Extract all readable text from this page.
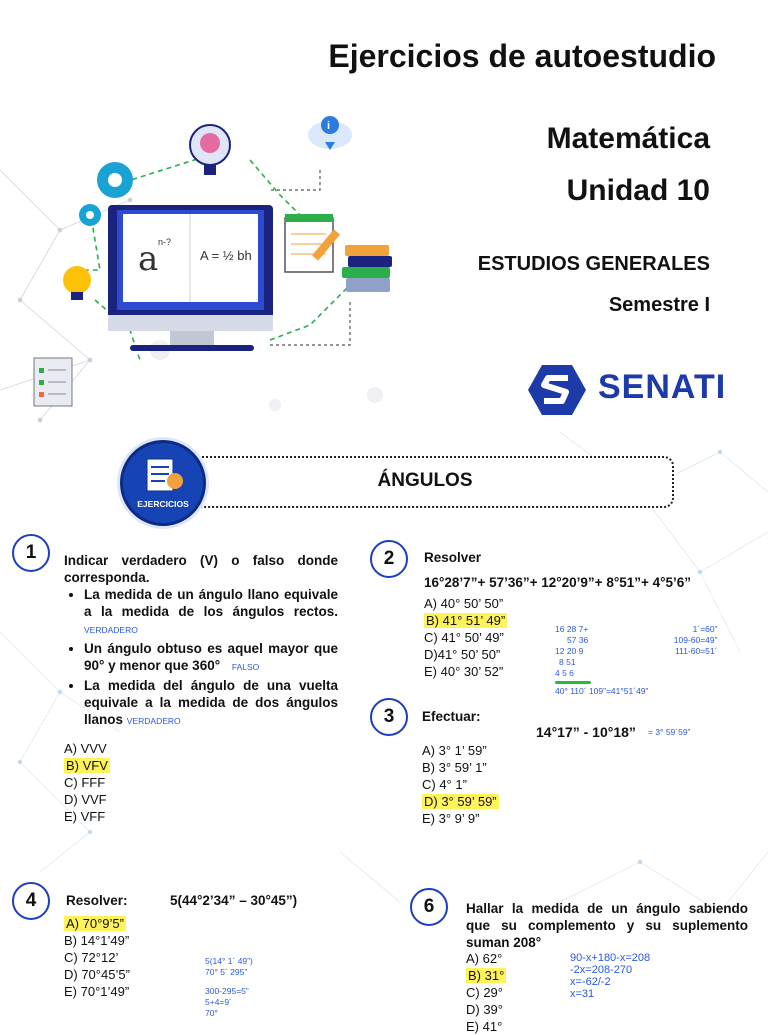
a n-?
A = ½ bh
i
Ejercicios de autoestudio
Matemática
Unidad 10
ESTUDIOS GENERALES
Semestre I
SENATI
ÁNGULOS
EJERCICIOS
1	Indicar verdadero (V) o falso donde corresponda.
• La medida de un ángulo llano equivale a la medida de los ángulos rectos. VERDADERO
• Un ángulo obtuso es aquel mayor que 90° y menor que 360° FALSO
• La medida del ángulo de una vuelta equivale a la medida de dos ángulos llanos VERDADERO
A) VVV
B) VFV
C) FFF
D) VVF
E) VFF
2	Resolver
16°28’7”+ 57’36”+ 12°20’9”+ 8°51”+ 4°5’6”
A) 40° 50’ 50”
B) 41° 51’ 49”
C) 41° 50’ 49”
D)41° 50’ 50”
E) 40° 30’ 52”
16 28 7+
57 36
12 20 9
8 51
4 5 6
40° 110´ 109”=41°51´49”
1´=60”
109-60=49”
111-60=51´
3	Efectuar:
14°17” - 10°18” = 3° 59´59”
A) 3° 1’ 59”
B) 3° 59’ 1”
C) 4° 1”
D) 3° 59’ 59”
E) 3° 9’ 9”
4	Resolver:	5(44°2’34” – 30°45”)
A) 70°9’5”
B) 14°1’49”
C) 72°12’
D) 70°45’5”
E) 70°1’49”
5(14° 1´ 49”)
70° 5´ 295”
300-295=5”
5+4=9´
70°
6	Hallar la medida de un ángulo sabiendo que su complemento y su suplemento suman 208°
A) 62°
B) 31°
C) 29°
D) 39°
E) 41°
90-x+180-x=208
-2x=208-270
x=-62/-2
x=31
